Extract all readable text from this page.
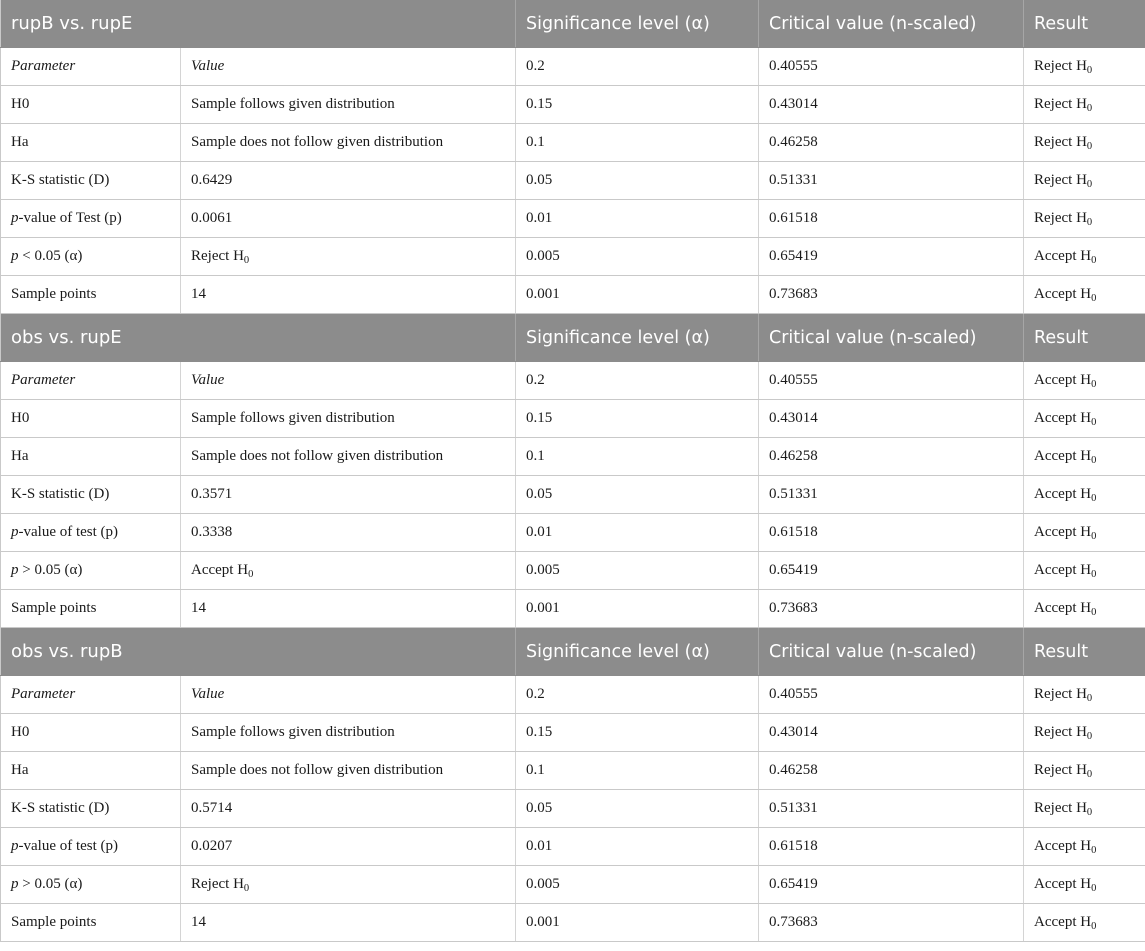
rupB vs. rupE		Significance level (α)	Critical value (n-scaled)	Result
Parameter	Value	0.2	0.40555	Reject $H_0$
H0	Sample follows given distribution	0.15	0.43014	Reject $H_0$
Ha	Sample does not follow given distribution	0.1	0.46258	Reject $H_0$
K-S statistic (D)	0.6429	0.05	0.51331	Reject $H_0$
p-value of Test (p)	0.0061	0.01	0.61518	Reject $H_0$
p < 0.05 (α)	Reject $H_0$	0.005	0.65419	Accept $H_0$
Sample points	14	0.001	0.73683	Accept $H_0$
obs vs. rupE		Significance level (α)	Critical value (n-scaled)	Result
Parameter	Value	0.2	0.40555	Accept $H_0$
H0	Sample follows given distribution	0.15	0.43014	Accept $H_0$
Ha	Sample does not follow given distribution	0.1	0.46258	Accept $H_0$
K-S statistic (D)	0.3571	0.05	0.51331	Accept $H_0$
p-value of test (p)	0.3338	0.01	0.61518	Accept $H_0$
p > 0.05 (α)	Accept $H_0$	0.005	0.65419	Accept $H_0$
Sample points	14	0.001	0.73683	Accept $H_0$
obs vs. rupB		Significance level (α)	Critical value (n-scaled)	Result
Parameter	Value	0.2	0.40555	Reject $H_0$
H0	Sample follows given distribution	0.15	0.43014	Reject $H_0$
Ha	Sample does not follow given distribution	0.1	0.46258	Reject $H_0$
K-S statistic (D)	0.5714	0.05	0.51331	Reject $H_0$
p-value of test (p)	0.0207	0.01	0.61518	Accept $H_0$
p > 0.05 (α)	Reject $H_0$	0.005	0.65419	Accept $H_0$
Sample points	14	0.001	0.73683	Accept $H_0$
